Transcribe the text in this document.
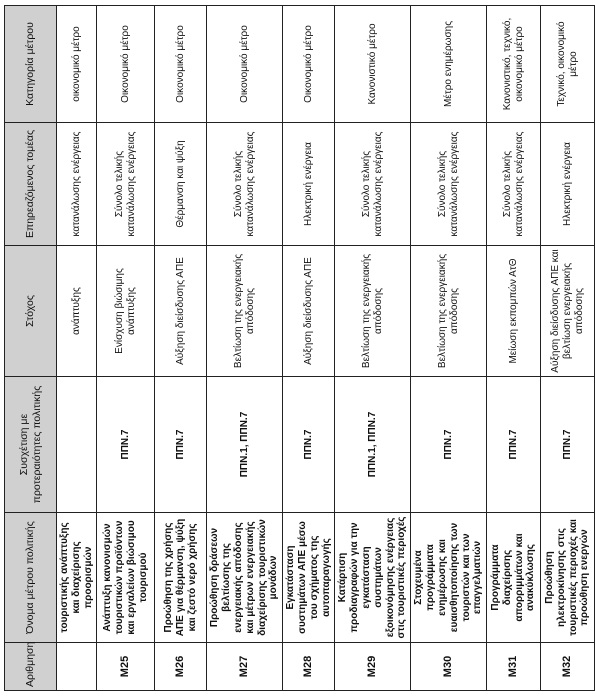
Αριθμηση	Όνομα μέτρου πολιτικής	Συσχέτιση με προτεραιότητες πολιτικής	Στόχος	Επηρεαζόμενος τομέας	Κατηγορία μέτρου
	τουριστικής ανάπτυξης και διαχείρισης προορισμών		ανάπτυξης	κατανάλωσης ενέργειας	οικονομικό μέτρο
M25	Ανάπτυξη κανονισμών τουριστικών προϊόντων και εργαλείων βιώσιμου τουρισμού	ΠΠΝ.7	Ενίσχυση βιώσιμης ανάπτυξης	Σύνολο τελικής κατανάλωσης ενέργειας	Οικονομικό μέτρο
M26	Προώθηση της χρήσης ΑΠΕ για θέρμανση, ψύξη και ζεστό νερό χρήσης	ΠΠΝ.7	Αύξηση διείσδυσης ΑΠΕ	Θέρμανση και ψύξη	Οικονομικό μέτρο
M27	Προώθηση δράσεων βελτίωσης της ενεργειακής απόδοσης και μέτρων ενεργειακής διαχείρισης τουριστικών μονάδων	ΠΠΝ.1, ΠΠΝ.7	Βελτίωση της ενεργειακής απόδοσης	Σύνολο τελικής κατανάλωσης ενέργειας	Οικονομικό μέτρο
M28	Εγκατάσταση συστημάτων ΑΠΕ μέσω του σχήματος της αυτοπαραγωγής	ΠΠΝ.7	Αύξηση διείσδυσης ΑΠΕ	Ηλεκτρική ενέργεια	Οικονομικό μέτρο
M29	Κατάρτιση προδιαγραφών για την εγκατάσταση συστημάτων εξοικονόμησης ενέργειας στις τουριστικές περιοχές	ΠΠΝ.1, ΠΠΝ.7	Βελτίωση της ενεργειακής απόδοσης	Σύνολο τελικής κατανάλωσης ενέργειας	Κανονιστικό μέτρο
M30	Στοχευμένα προγράμματα ενημέρωσης και ευαισθητοποίησης των τουριστών και των επαγγελματιών	ΠΠΝ.7	Βελτίωση της ενεργειακής απόδοσης	Σύνολο τελικής κατανάλωσης ενέργειας	Μέτρο ενημέρωσης
M31	Προγράμματα διαχείρισης απορριμμάτων και ανακύκλωσης	ΠΠΝ.7	Μείωση εκπομπών ΑτΘ	Σύνολο τελικής κατανάλωσης ενέργειας	Κανονιστικό, τεχνικό, οικονομικό μέτρο
M32	Προώθηση ηλεκτροκίνησης στις τουριστικές περιοχές και προώθηση ενεργών	ΠΠΝ.7	Αύξηση διείσδυσης ΑΠΕ και βελτίωση ενεργειακής απόδοσης	Ηλεκτρική ενέργεια	Τεχνικό, οικονομικό μέτρο
